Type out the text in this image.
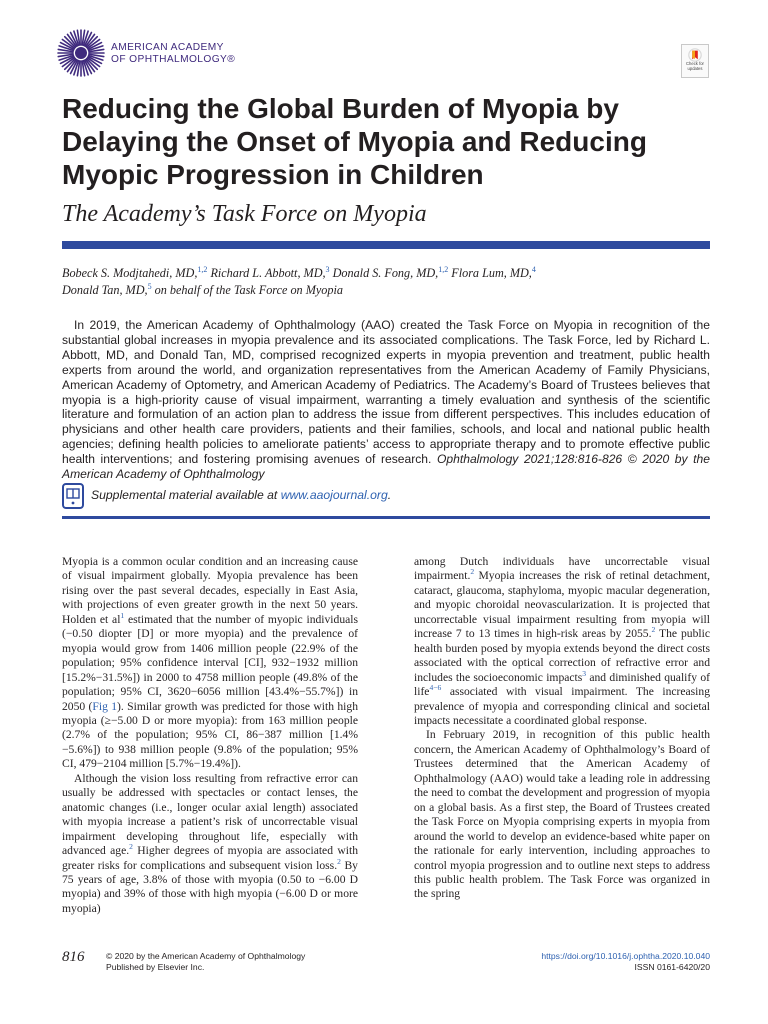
AMERICAN ACADEMY
OF OPHTHALMOLOGY®	Check for
updates
Reducing the Global Burden of Myopia by Delaying the Onset of Myopia and Reducing Myopic Progression in Children
The Academy’s Task Force on Myopia
Bobeck S. Modjtahedi, MD,$^{1,2}$ Richard L. Abbott, MD,$^3$ Donald S. Fong, MD,$^{1,2}$ Flora Lum, MD,$^4$
Donald Tan, MD,$^5$ on behalf of the Task Force on Myopia
In 2019, the American Academy of Ophthalmology (AAO) created the Task Force on Myopia in recognition of the substantial global increases in myopia prevalence and its associated complications. The Task Force, led by Richard L. Abbott, MD, and Donald Tan, MD, comprised recognized experts in myopia prevention and treatment, public health experts from around the world, and organization representatives from the American Academy of Family Physicians, American Academy of Optometry, and American Academy of Pediatrics. The Academy’s Board of Trustees believes that myopia is a high-priority cause of visual impairment, warranting a timely evaluation and synthesis of the scientific literature and formulation of an action plan to address the issue from different perspectives. This includes education of physicians and other health care providers, patients and their families, schools, and local and national public health agencies; defining health policies to ameliorate patients’ access to appropriate therapy and to promote effective public health interventions; and fostering promising avenues of research. Ophthalmology 2021;128:816-826 © 2020 by the American Academy of Ophthalmology
Supplemental material available at www.aaojournal.org.

Myopia is a common ocular condition and an increasing cause of visual impairment globally. Myopia prevalence has been rising over the past several decades, especially in East Asia, with projections of even greater growth in the next 50 years. Holden et al$^1$ estimated that the number of myopic individuals (−0.50 diopter [D] or more myopia) and the prevalence of myopia would grow from 1406 million people (22.9% of the population; 95% confidence interval [CI], 932−1932 million [15.2%−31.5%]) in 2000 to 4758 million people (49.8% of the population; 95% CI, 3620−6056 million [43.4%−55.7%]) in 2050 (Fig 1). Similar growth was predicted for those with high myopia (≥−5.00 D or more myopia): from 163 million people (2.7% of the population; 95% CI, 86−387 million [1.4%−5.6%]) to 938 million people (9.8% of the population; 95% CI, 479−2104 million [5.7%−19.4%]).

Although the vision loss resulting from refractive error can usually be addressed with spectacles or contact lenses, the anatomic changes (i.e., longer ocular axial length) associated with myopia increase a patient’s risk of uncorrectable visual impairment developing throughout life, especially with advanced age.$^2$ Higher degrees of myopia are associated with greater risks for complications and subsequent vision loss.$^2$ By 75 years of age, 3.8% of those with myopia (0.50 to −6.00 D myopia) and 39% of those with high myopia (−6.00 D or more myopia)

among Dutch individuals have uncorrectable visual impairment.$^2$ Myopia increases the risk of retinal detachment, cataract, glaucoma, staphyloma, myopic macular degeneration, and myopic choroidal neovascularization. It is projected that uncorrectable visual impairment resulting from myopia will increase 7 to 13 times in high-risk areas by 2055.$^2$ The public health burden posed by myopia extends beyond the direct costs associated with the optical correction of refractive error and includes the socioeconomic impacts$^3$ and diminished qualify of life$^{4-6}$ associated with visual impairment. The increasing prevalence of myopia and corresponding clinical and societal impacts necessitate a coordinated global response.

In February 2019, in recognition of this public health concern, the American Academy of Ophthalmology’s Board of Trustees determined that the American Academy of Ophthalmology (AAO) would take a leading role in addressing the need to combat the development and progression of myopia on a global basis. As a first step, the Board of Trustees created the Task Force on Myopia comprising experts in myopia from around the world to develop an evidence-based white paper on the rationale for early intervention, including approaches to control myopia progression and to outline next steps to address this public health problem. The Task Force was organized in the spring

816	© 2020 by the American Academy of Ophthalmology
Published by Elsevier Inc.
https://doi.org/10.1016/j.ophtha.2020.10.040
ISSN 0161-6420/20
